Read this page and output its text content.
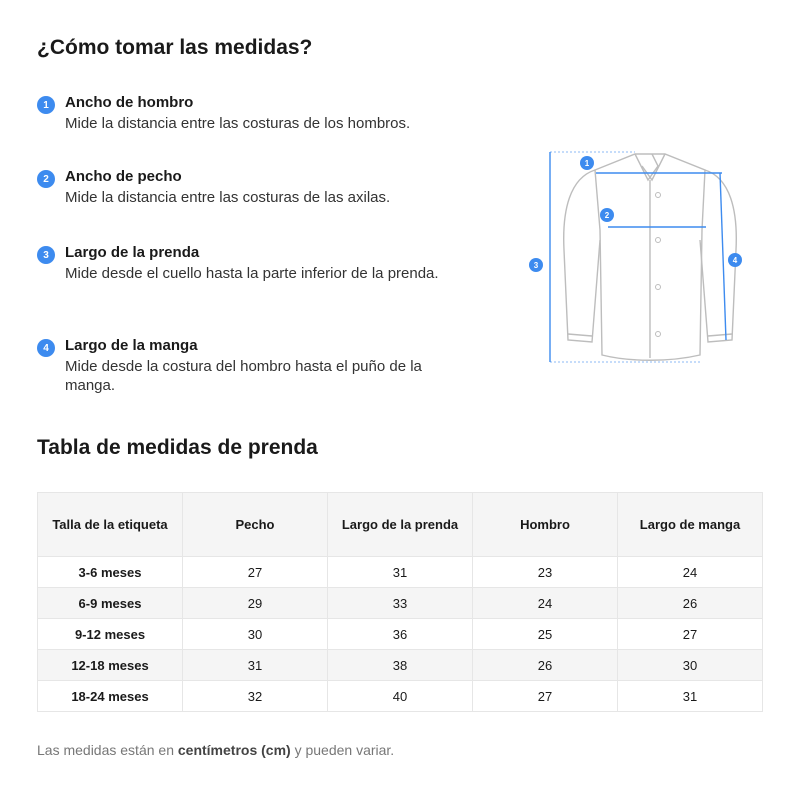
¿Cómo tomar las medidas?
1	Ancho de hombro
Mide la distancia entre las costuras de los hombros.
2	Ancho de pecho
Mide la distancia entre las costuras de las axilas.
3	Largo de la prenda
Mide desde el cuello hasta la parte inferior de la prenda.
4	Largo de la manga
Mide desde la costura del hombro hasta el puño de la manga.
1
2
3
4
Tabla de medidas de prenda
Talla de la etiqueta	Pecho	Largo de la prenda	Hombro	Largo de manga
3-6 meses	27	31	23	24
6-9 meses	29	33	24	26
9-12 meses	30	36	25	27
12-18 meses	31	38	26	30
18-24 meses	32	40	27	31
Las medidas están en centímetros (cm) y pueden variar.
